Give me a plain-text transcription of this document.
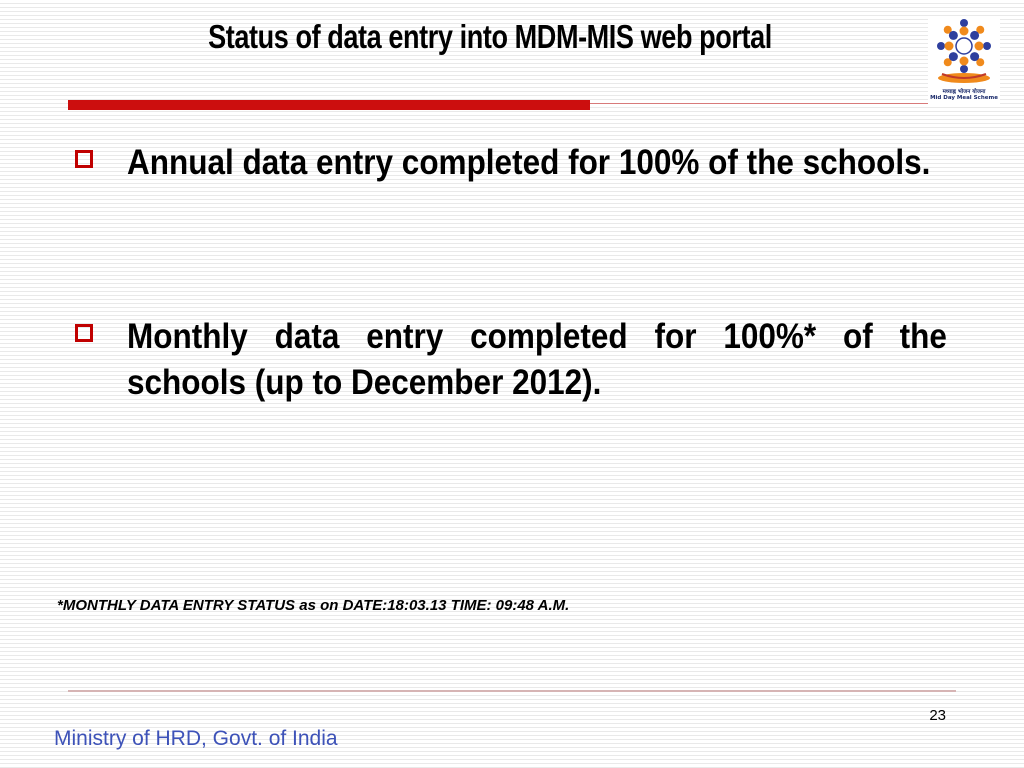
Status of data entry into MDM-MIS web portal
मध्याह्न भोजन योजना
Mid Day Meal Scheme
Annual data entry completed for 100% of the schools.
Monthly data entry completed for 100%* of the schools (up to December 2012).
*MONTHLY DATA ENTRY STATUS as on DATE:18:03.13 TIME: 09:48 A.M.
23
Ministry of HRD, Govt. of India
